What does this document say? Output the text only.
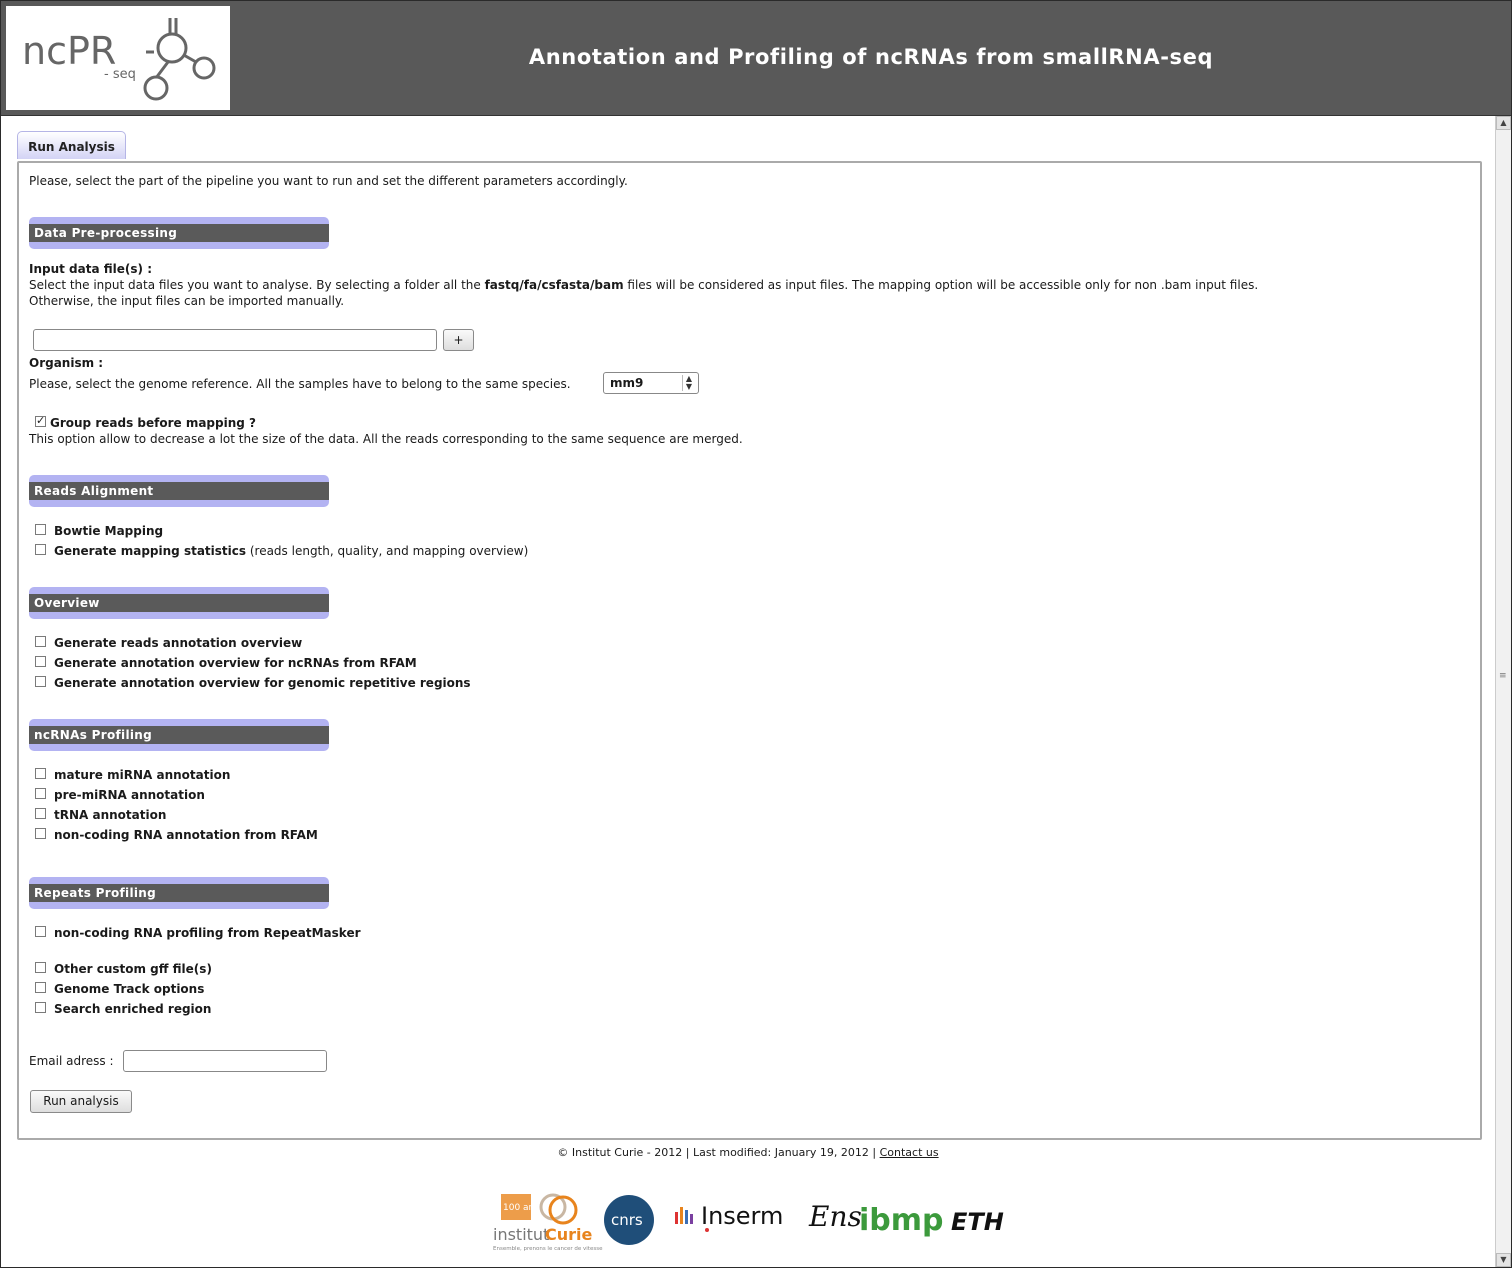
ncPR
- seq
Annotation and Profiling of ncRNAs from smallRNA-seq
Run Analysis
Please, select the part of the pipeline you want to run and set the different parameters accordingly.
Data Pre-processing
Input data file(s) :
Select the input data files you want to analyse. By selecting a folder all the fastq/fa/csfasta/bam files will be considered as input files. The mapping option will be accessible only for non .bam input files.
Otherwise, the input files can be imported manually.
+
Organism :
Please, select the genome reference. All the samples have to belong to the same species.	mm9	▲
▼
✓
Group reads before mapping ?
This option allow to decrease a lot the size of the data. All the reads corresponding to the same sequence are merged.
Reads Alignment
Bowtie Mapping
Generate mapping statistics (reads length, quality, and mapping overview)
Overview
Generate reads annotation overview
Generate annotation overview for ncRNAs from RFAM
Generate annotation overview for genomic repetitive regions
ncRNAs Profiling
mature miRNA annotation
pre-miRNA annotation
tRNA annotation
non-coding RNA annotation from RFAM
Repeats Profiling
non-coding RNA profiling from RepeatMasker
Other custom gff file(s)
Genome Track options
Search enriched region
Email adress :
Run analysis
© Institut Curie - 2012 | Last modified: January 19, 2012 | Contact us
100 ans
institut
Curie
Ensemble, prenons le cancer de vitesse
cnrs Inserm Ens
ibmp ETH
▲
≡
▼
